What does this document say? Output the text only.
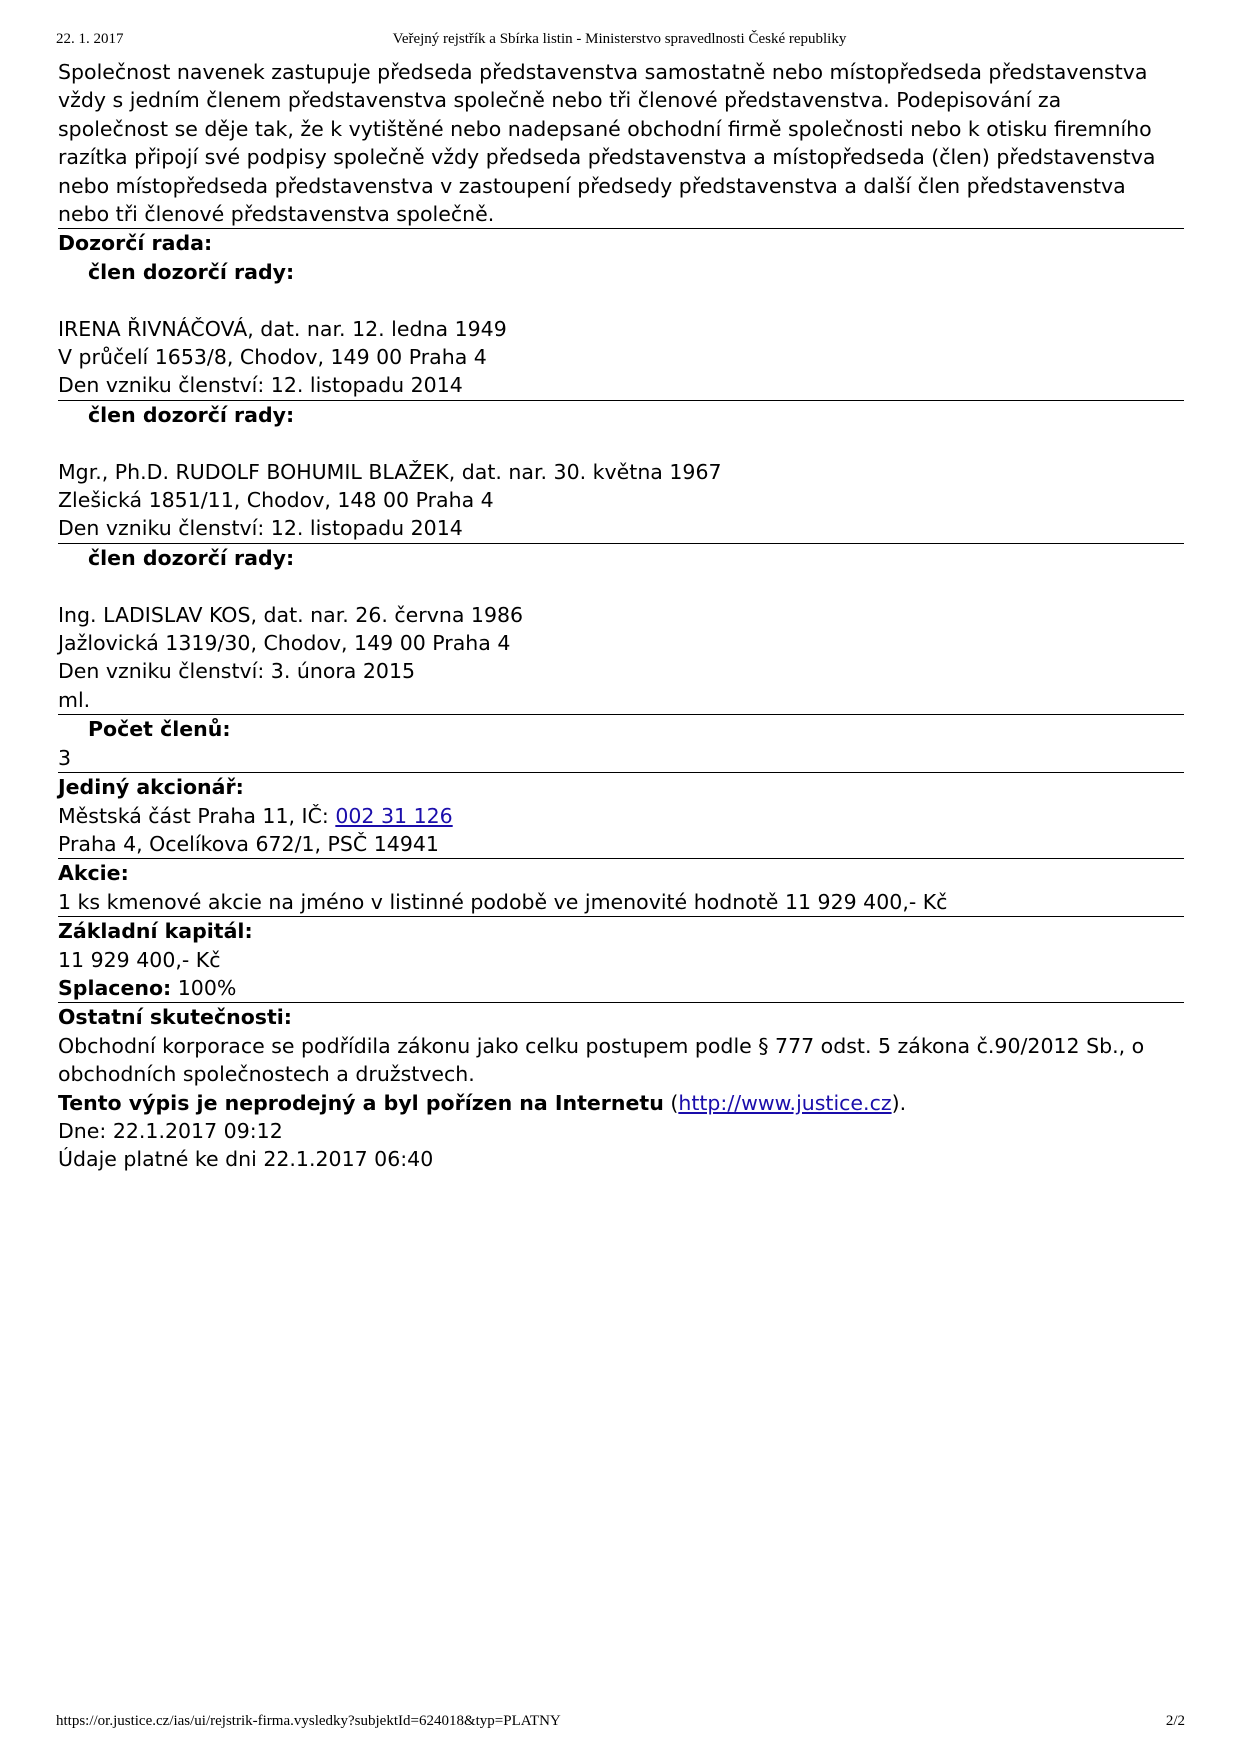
22. 1. 2017	Veřejný rejstřík a Sbírka listin - Ministerstvo spravedlnosti České republiky
Společnost navenek zastupuje předseda představenstva samostatně nebo místopředseda představenstva
vždy s jedním členem představenstva společně nebo tři členové představenstva. Podepisování za
společnost se děje tak, že k vytištěné nebo nadepsané obchodní firmě společnosti nebo k otisku firemního
razítka připojí své podpisy společně vždy předseda představenstva a místopředseda (člen) představenstva
nebo místopředseda představenstva v zastoupení předsedy představenstva a další člen představenstva
nebo tři členové představenstva společně.
Dozorčí rada:
člen dozorčí rady:
IRENA ŘIVNÁČOVÁ, dat. nar. 12. ledna 1949
V průčelí 1653/8, Chodov, 149 00 Praha 4
Den vzniku členství: 12. listopadu 2014
člen dozorčí rady:
Mgr., Ph.D. RUDOLF BOHUMIL BLAŽEK, dat. nar. 30. května 1967
Zlešická 1851/11, Chodov, 148 00 Praha 4
Den vzniku členství: 12. listopadu 2014
člen dozorčí rady:
Ing. LADISLAV KOS, dat. nar. 26. června 1986
Jažlovická 1319/30, Chodov, 149 00 Praha 4
Den vzniku členství: 3. února 2015
ml.
Počet členů:
3
Jediný akcionář:
Městská část Praha 11, IČ: 002 31 126
Praha 4, Ocelíkova 672/1, PSČ 14941
Akcie:
1 ks kmenové akcie na jméno v listinné podobě ve jmenovité hodnotě 11 929 400,- Kč
Základní kapitál:
11 929 400,- Kč
Splaceno: 100%
Ostatní skutečnosti:
Obchodní korporace se podřídila zákonu jako celku postupem podle § 777 odst. 5 zákona č.90/2012 Sb., o
obchodních společnostech a družstvech.
Tento výpis je neprodejný a byl pořízen na Internetu (http://www.justice.cz).
Dne: 22.1.2017 09:12
Údaje platné ke dni 22.1.2017 06:40
https://or.justice.cz/ias/ui/rejstrik-firma.vysledky?subjektId=624018&typ=PLATNY	2/2
